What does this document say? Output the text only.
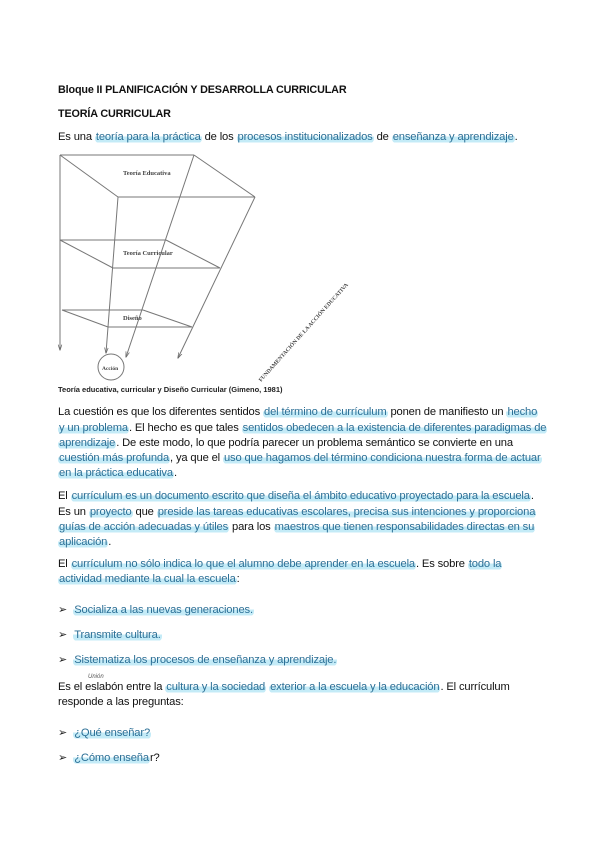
Bloque II PLANIFICACIÓN Y DESARROLLA CURRICULAR
TEORÍA CURRICULAR
Es una teoría para la práctica de los procesos institucionalizados de enseñanza y aprendizaje.
Teoría Educativa
Teoría Curricular
Diseño
Acción	FUNDAMENTACIÓN DE LA ACCIÓN EDUCATIVA
Teoría educativa, curricular y Diseño Curricular (Gimeno, 1981)
La cuestión es que los diferentes sentidos del término de currículum ponen de manifiesto un hecho
y un problema. El hecho es que tales sentidos obedecen a la existencia de diferentes paradigmas de
aprendizaje. De este modo, lo que podría parecer un problema semántico se convierte en una
cuestión más profunda, ya que el uso que hagamos del término condiciona nuestra forma de actuar
en la práctica educativa.
El currículum es un documento escrito que diseña el ámbito educativo proyectado para la escuela.
Es un proyecto que preside las tareas educativas escolares, precisa sus intenciones y proporciona
guías de acción adecuadas y útiles para los maestros que tienen responsabilidades directas en su
aplicación.
El currículum no sólo indica lo que el alumno debe aprender en la escuela. Es sobre todo la
actividad mediante la cual la escuela:
➢ Socializa a las nuevas generaciones.
➢ Transmite cultura.
➢ Sistematiza los procesos de enseñanza y aprendizaje.
Unión
Es el eslabón entre la cultura y la sociedad exterior a la escuela y la educación. El currículum
responde a las preguntas:
➢ ¿Qué enseñar?
➢ ¿Cómo enseñar?
